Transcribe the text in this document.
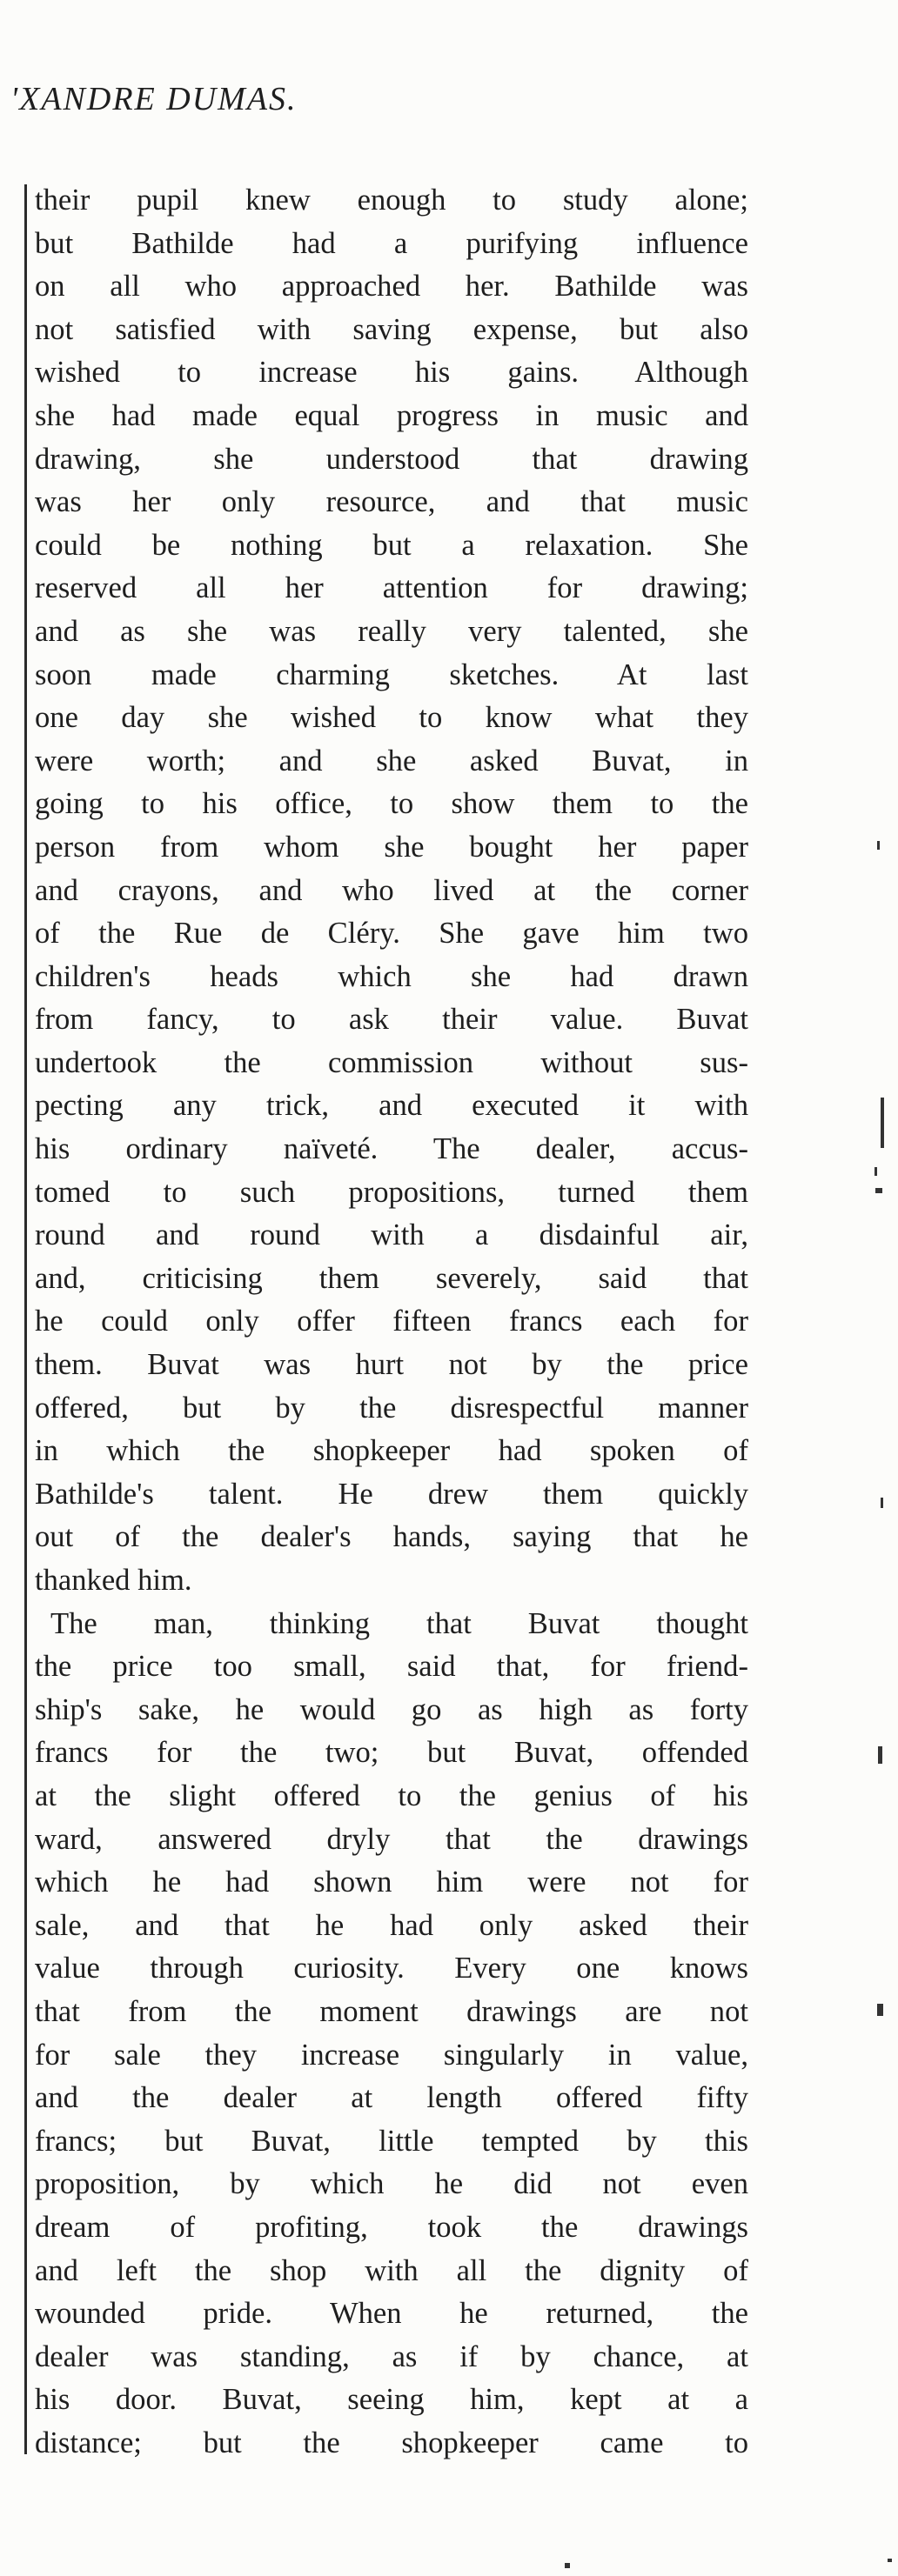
'XANDRE DUMAS.
their pupil knew enough to study alone;
but Bathilde had a purifying influence
on all who approached her. Bathilde was
not satisfied with saving expense, but also
wished to increase his gains. Although
she had made equal progress in music and
drawing, she understood that drawing
was her only resource, and that music
could be nothing but a relaxation. She
reserved all her attention for drawing;
and as she was really very talented, she
soon made charming sketches. At last
one day she wished to know what they
were worth; and she asked Buvat, in
going to his office, to show them to the
person from whom she bought her paper
and crayons, and who lived at the corner
of the Rue de Cléry. She gave him two
children's heads which she had drawn
from fancy, to ask their value. Buvat
undertook the commission without sus-
pecting any trick, and executed it with
his ordinary naïveté. The dealer, accus-
tomed to such propositions, turned them
round and round with a disdainful air,
and, criticising them severely, said that
he could only offer fifteen francs each for
them. Buvat was hurt not by the price
offered, but by the disrespectful manner
in which the shopkeeper had spoken of
Bathilde's talent. He drew them quickly
out of the dealer's hands, saying that he
thanked him.
The man, thinking that Buvat thought
the price too small, said that, for friend-
ship's sake, he would go as high as forty
francs for the two; but Buvat, offended
at the slight offered to the genius of his
ward, answered dryly that the drawings
which he had shown him were not for
sale, and that he had only asked their
value through curiosity. Every one knows
that from the moment drawings are not
for sale they increase singularly in value,
and the dealer at length offered fifty
francs; but Buvat, little tempted by this
proposition, by which he did not even
dream of profiting, took the drawings
and left the shop with all the dignity of
wounded pride. When he returned, the
dealer was standing, as if by chance, at
his door. Buvat, seeing him, kept at a
distance; but the shopkeeper came to
